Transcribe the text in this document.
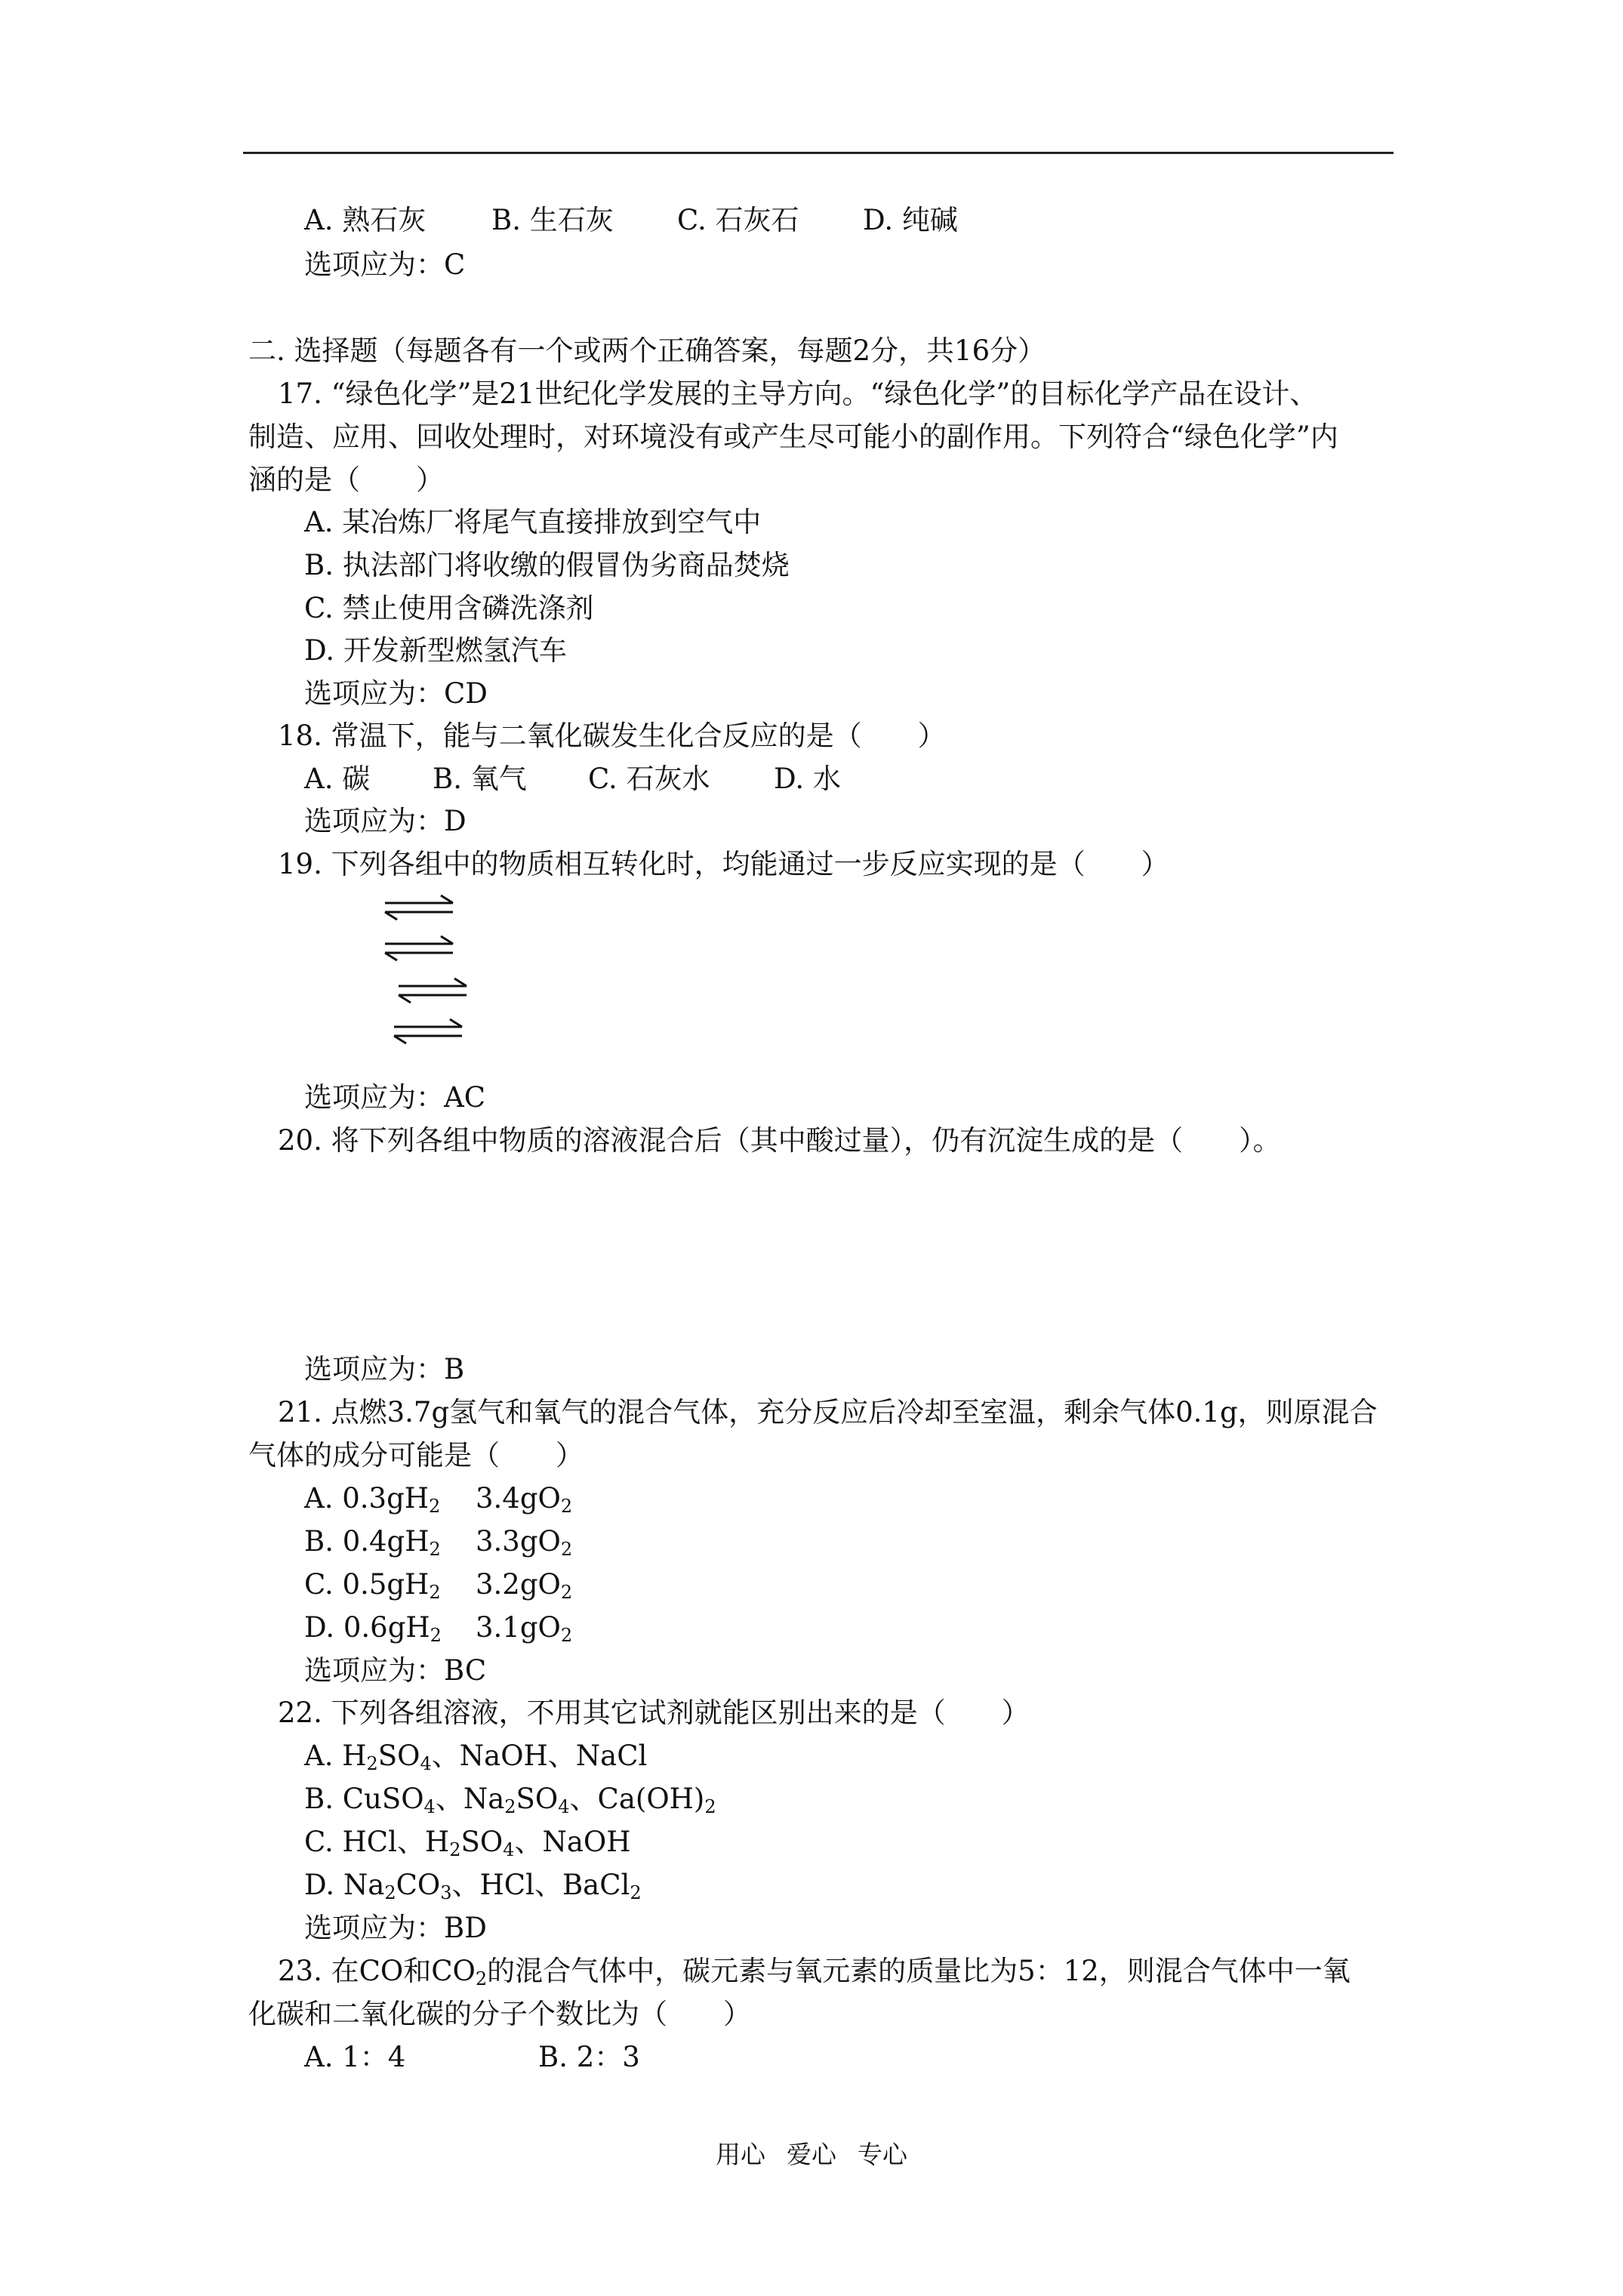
A. 熟石灰 B. 生石灰 C. 石灰石 D. 纯碱
选项应为：C
二. 选择题（每题各有一个或两个正确答案，每题2分，共16分）
17. “绿色化学”是21世纪化学发展的主导方向。“绿色化学”的目标化学产品在设计、
制造、应用、回收处理时，对环境没有或产生尽可能小的副作用。下列符合“绿色化学”内
涵的是（　　）
A. 某冶炼厂将尾气直接排放到空气中
B. 执法部门将收缴的假冒伪劣商品焚烧
C. 禁止使用含磷洗涤剂
D. 开发新型燃氢汽车
选项应为：CD
18. 常温下，能与二氧化碳发生化合反应的是（　　）
A. 碳 B. 氧气 C. 石灰水 D. 水
选项应为：D
19. 下列各组中的物质相互转化时，均能通过一步反应实现的是（　　）
选项应为：AC
20. 将下列各组中物质的溶液混合后（其中酸过量），仍有沉淀生成的是（　　）。
选项应为：B
21. 点燃3.7g氢气和氧气的混合气体，充分反应后冷却至室温，剩余气体0.1g，则原混合
气体的成分可能是（　　）
A. $0.3gH_2$ $3.4gO_2$
B. $0.4gH_2$ $3.3gO_2$
C. $0.5gH_2$ $3.2gO_2$
D. $0.6gH_2$ $3.1gO_2$
选项应为：BC
22. 下列各组溶液，不用其它试剂就能区别出来的是（　　）
A. $H_2SO_4$、NaOH、NaCl
B. CuSO$_4$、$Na_2SO_4$、$Ca(OH)_2$
C. HCl、$H_2SO_4$、NaOH
D. $Na_2CO_3$、HCl、BaCl$_2$
选项应为：BD
23. 在CO和$CO_2$的混合气体中，碳元素与氧元素的质量比为5：12，则混合气体中一氧
化碳和二氧化碳的分子个数比为（　　）
A. 1：4	B. 2：3
用心 爱心 专心
